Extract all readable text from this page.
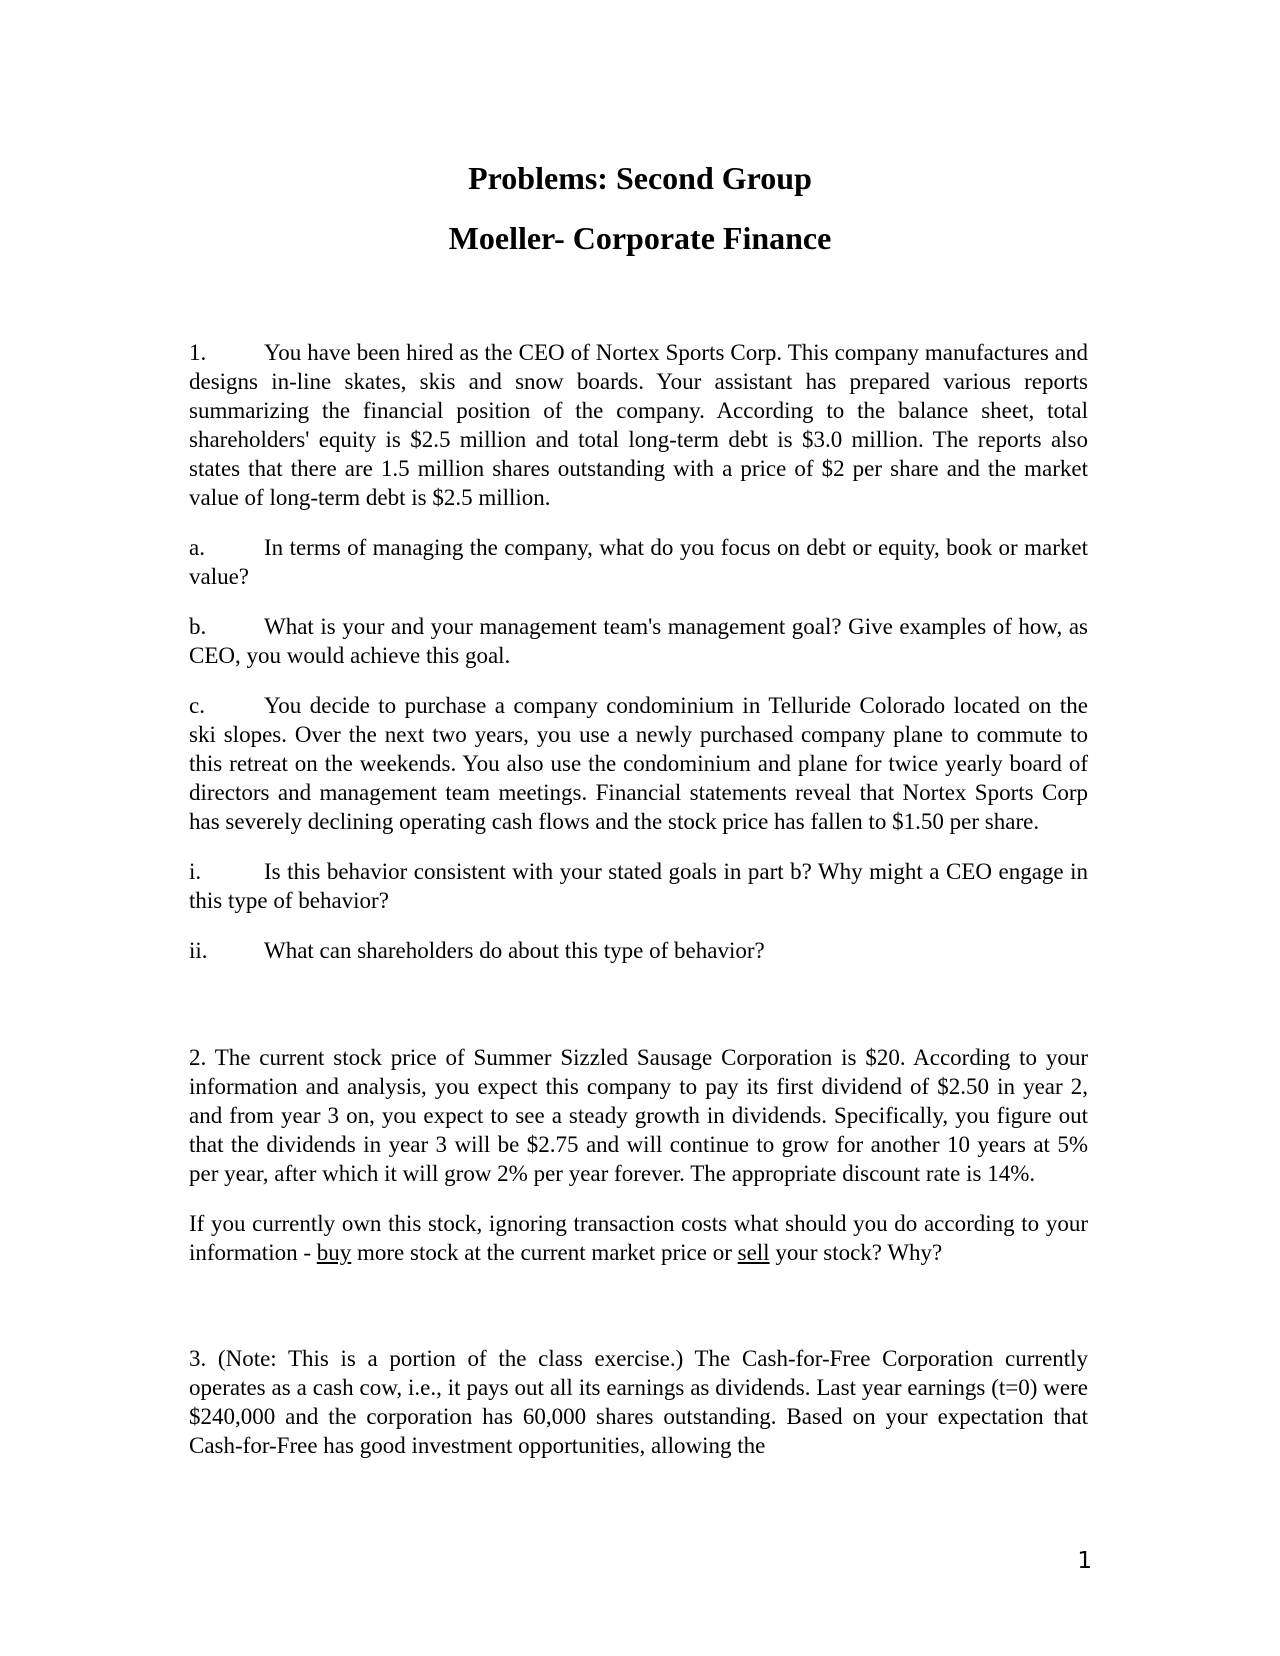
Problems: Second Group
Moeller- Corporate Finance

1.	You have been hired as the CEO of Nortex Sports Corp. This company manufactures and designs in-line skates, skis and snow boards. Your assistant has prepared various reports summarizing the financial position of the company. According to the balance sheet, total shareholders' equity is $2.5 million and total long-term debt is $3.0 million. The reports also states that there are 1.5 million shares outstanding with a price of $2 per share and the market value of long-term debt is $2.5 million.

a.	In terms of managing the company, what do you focus on debt or equity, book or market value?

b.	What is your and your management team's management goal? Give examples of how, as CEO, you would achieve this goal.

c.	You decide to purchase a company condominium in Telluride Colorado located on the ski slopes. Over the next two years, you use a newly purchased company plane to commute to this retreat on the weekends. You also use the condominium and plane for twice yearly board of directors and management team meetings. Financial statements reveal that Nortex Sports Corp has severely declining operating cash flows and the stock price has fallen to $1.50 per share.

i.	Is this behavior consistent with your stated goals in part b? Why might a CEO engage in this type of behavior?

ii. What can shareholders do about this type of behavior?

2. The current stock price of Summer Sizzled Sausage Corporation is $20. According to your information and analysis, you expect this company to pay its first dividend of $2.50 in year 2, and from year 3 on, you expect to see a steady growth in dividends. Specifically, you figure out that the dividends in year 3 will be $2.75 and will continue to grow for another 10 years at 5% per year, after which it will grow 2% per year forever. The appropriate discount rate is 14%.

If you currently own this stock, ignoring transaction costs what should you do according to your information - buy more stock at the current market price or sell your stock? Why?

3. (Note: This is a portion of the class exercise.) The Cash-for-Free Corporation currently operates as a cash cow, i.e., it pays out all its earnings as dividends. Last year earnings (t=0) were $240,000 and the corporation has 60,000 shares outstanding. Based on your expectation that Cash-for-Free has good investment opportunities, allowing the

1
